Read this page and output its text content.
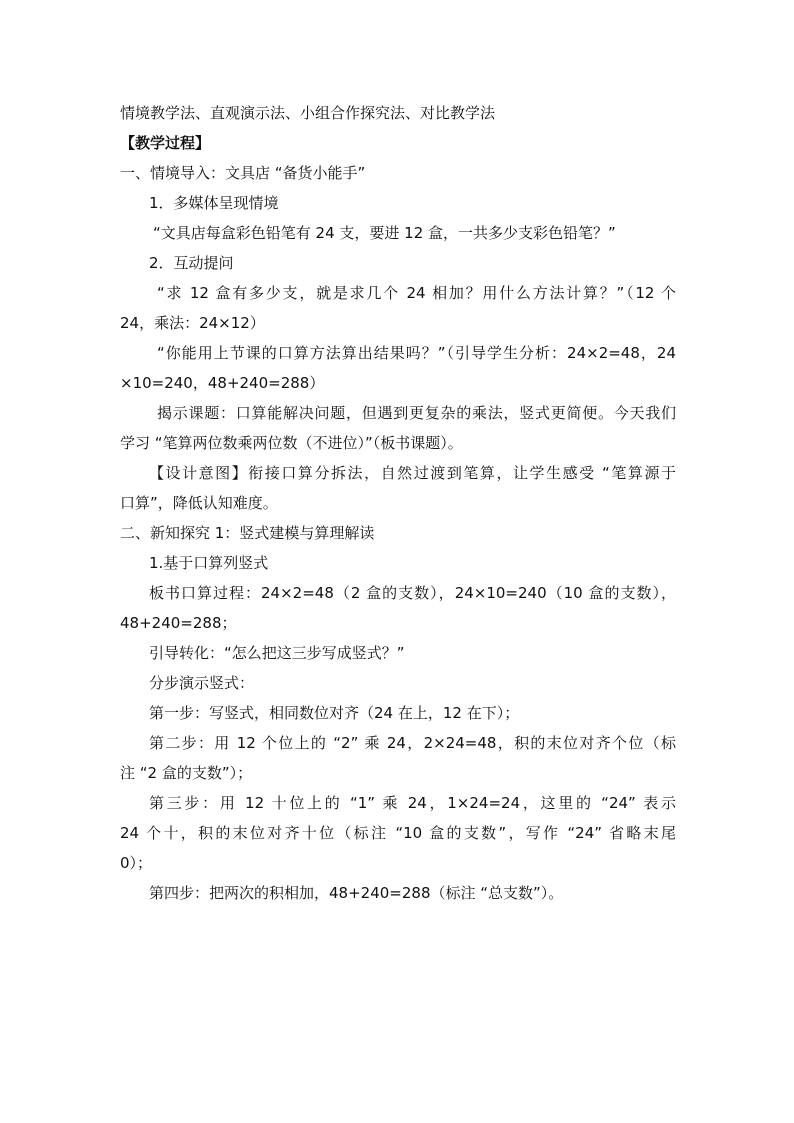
情境教学法、直观演示法、小组合作探究法、对比教学法
【教学过程】
一、情境导入：文具店 “备货小能手”
1．多媒体呈现情境
“文具店每盒彩色铅笔有 24 支，要进 12 盒，一共多少支彩色铅笔？”
2．互动提问
“求 12 盒有多少支，就是求几个 24 相加？用什么方法计算？”（12 个
24，乘法：24×12）
“你能用上节课的口算方法算出结果吗？”（引导学生分析：24×2=48，24
×10=240，48+240=288）
揭示课题：口算能解决问题，但遇到更复杂的乘法，竖式更简便。今天我们
学习 “笔算两位数乘两位数（不进位）”（板书课题）。
【设计意图】衔接口算分拆法，自然过渡到笔算，让学生感受 “笔算源于
口算”，降低认知难度。
二、新知探究 1：竖式建模与算理解读
1.基于口算列竖式
板书口算过程：24×2=48（2 盒的支数），24×10=240（10 盒的支数），
48+240=288；
引导转化：“怎么把这三步写成竖式？”
分步演示竖式：
第一步：写竖式，相同数位对齐（24 在上，12 在下）；
第二步：用 12 个位上的 “2” 乘 24，2×24=48，积的末位对齐个位（标
注 “2 盒的支数”）；
第三步：用 12 十位上的 “1” 乘 24，1×24=24，这里的 “24” 表示
24 个十，积的末位对齐十位（标注 “10 盒的支数”，写作 “24” 省略末尾
0）；
第四步：把两次的积相加，48+240=288（标注 “总支数”）。
